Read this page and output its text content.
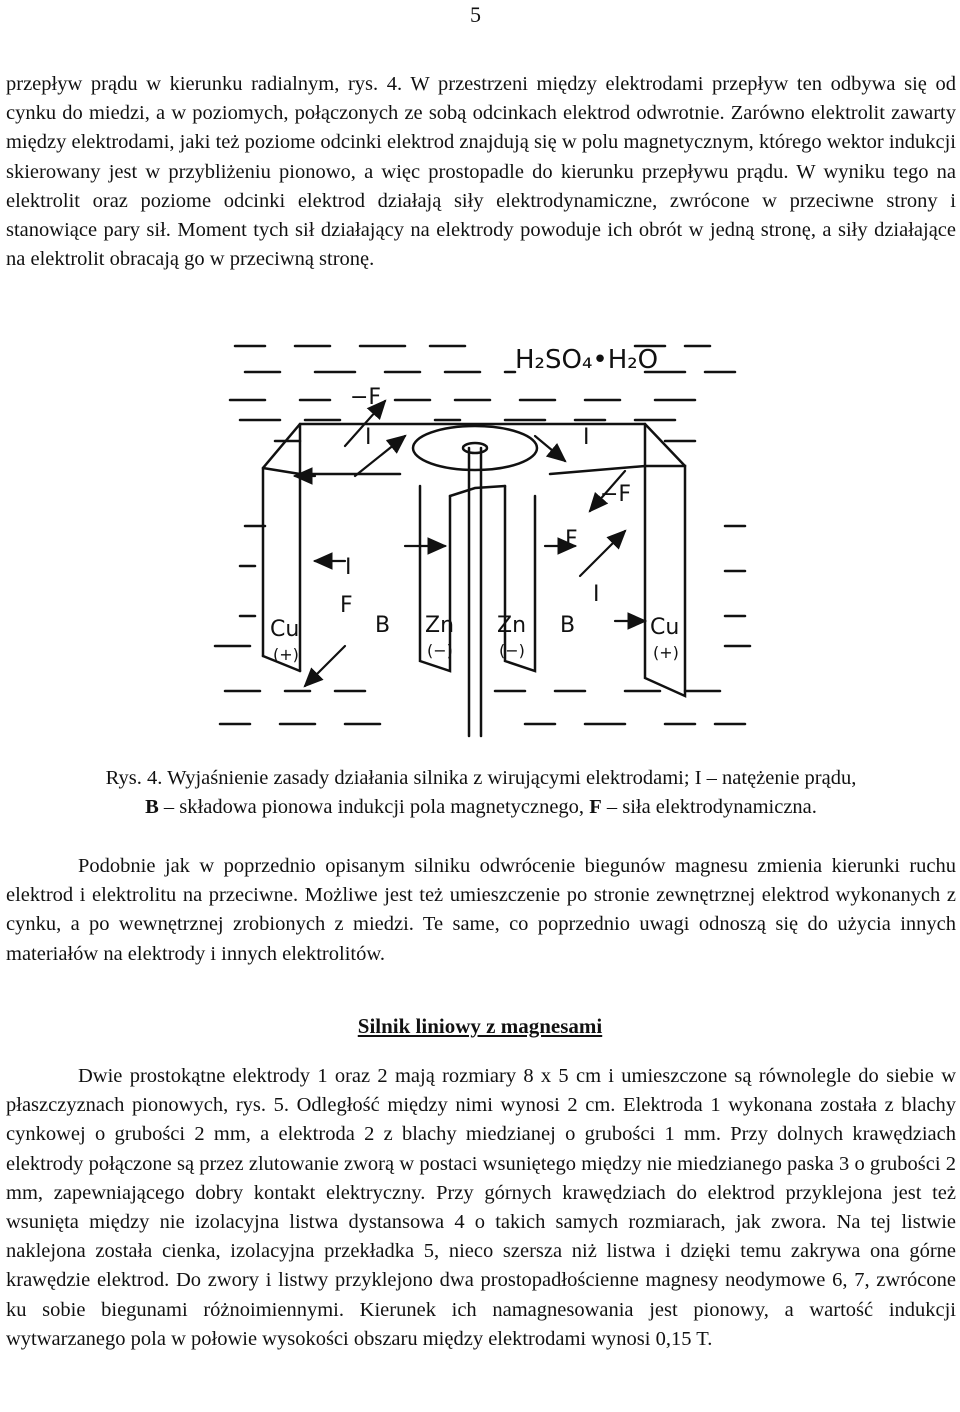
5

przepływ prądu w kierunku radialnym, rys. 4. W przestrzeni między elektrodami przepływ ten odbywa się od cynku do miedzi, a w poziomych, połączonych ze sobą odcinkach elektrod odwrotnie. Zarówno elektrolit zawarty między elektrodami, jaki też poziome odcinki elektrod znajdują się w polu magnetycznym, którego wektor indukcji skierowany jest w przybliżeniu pionowo, a więc prostopadle do kierunku przepływu prądu. W wyniku tego na elektrolit oraz poziome odcinki elektrod działają siły elektrodynamiczne, zwrócone w przeciwne strony i stanowiące pary sił. Moment tych sił działający na elektrody powoduje ich obrót w jedną stronę, a siły działające na elektrolit obracają go w przeciwną stronę.

H₂SO₄•H₂O
−F
I	I
−F
F
I
I
F
B	B
Cu
(+)
Zn
(−)
Zn
(−)
Cu
(+)
Rys. 4. Wyjaśnienie zasady działania silnika z wirującymi elektrodami; I – natężenie prądu,
B – składowa pionowa indukcji pola magnetycznego, F – siła elektrodynamiczna.

Podobnie jak w poprzednio opisanym silniku odwrócenie biegunów magnesu zmienia kierunki ruchu elektrod i elektrolitu na przeciwne. Możliwe jest też umieszczenie po stronie zewnętrznej elektrod wykonanych z cynku, a po wewnętrznej zrobionych z miedzi. Te same, co poprzednio uwagi odnoszą się do użycia innych materiałów na elektrody i innych elektrolitów.

Silnik liniowy z magnesami

Dwie prostokątne elektrody 1 oraz 2 mają rozmiary 8 x 5 cm i umieszczone są równolegle do siebie w płaszczyznach pionowych, rys. 5. Odległość między nimi wynosi 2 cm. Elektroda 1 wykonana została z blachy cynkowej o grubości 2 mm, a elektroda 2 z blachy miedzianej o grubości 1 mm. Przy dolnych krawędziach elektrody połączone są przez zlutowanie zworą w postaci wsuniętego między nie miedzianego paska 3 o grubości 2 mm, zapewniającego dobry kontakt elektryczny. Przy górnych krawędziach do elektrod przyklejona jest też wsunięta między nie izolacyjna listwa dystansowa 4 o takich samych rozmiarach, jak zwora. Na tej listwie naklejona została cienka, izolacyjna przekładka 5, nieco szersza niż listwa i dzięki temu zakrywa ona górne krawędzie elektrod. Do zwory i listwy przyklejono dwa prostopadłościenne magnesy neodymowe 6, 7, zwrócone ku sobie biegunami różnoimiennymi. Kierunek ich namagnesowania jest pionowy, a wartość indukcji wytwarzanego pola w połowie wysokości obszaru między elektrodami wynosi 0,15 T.
